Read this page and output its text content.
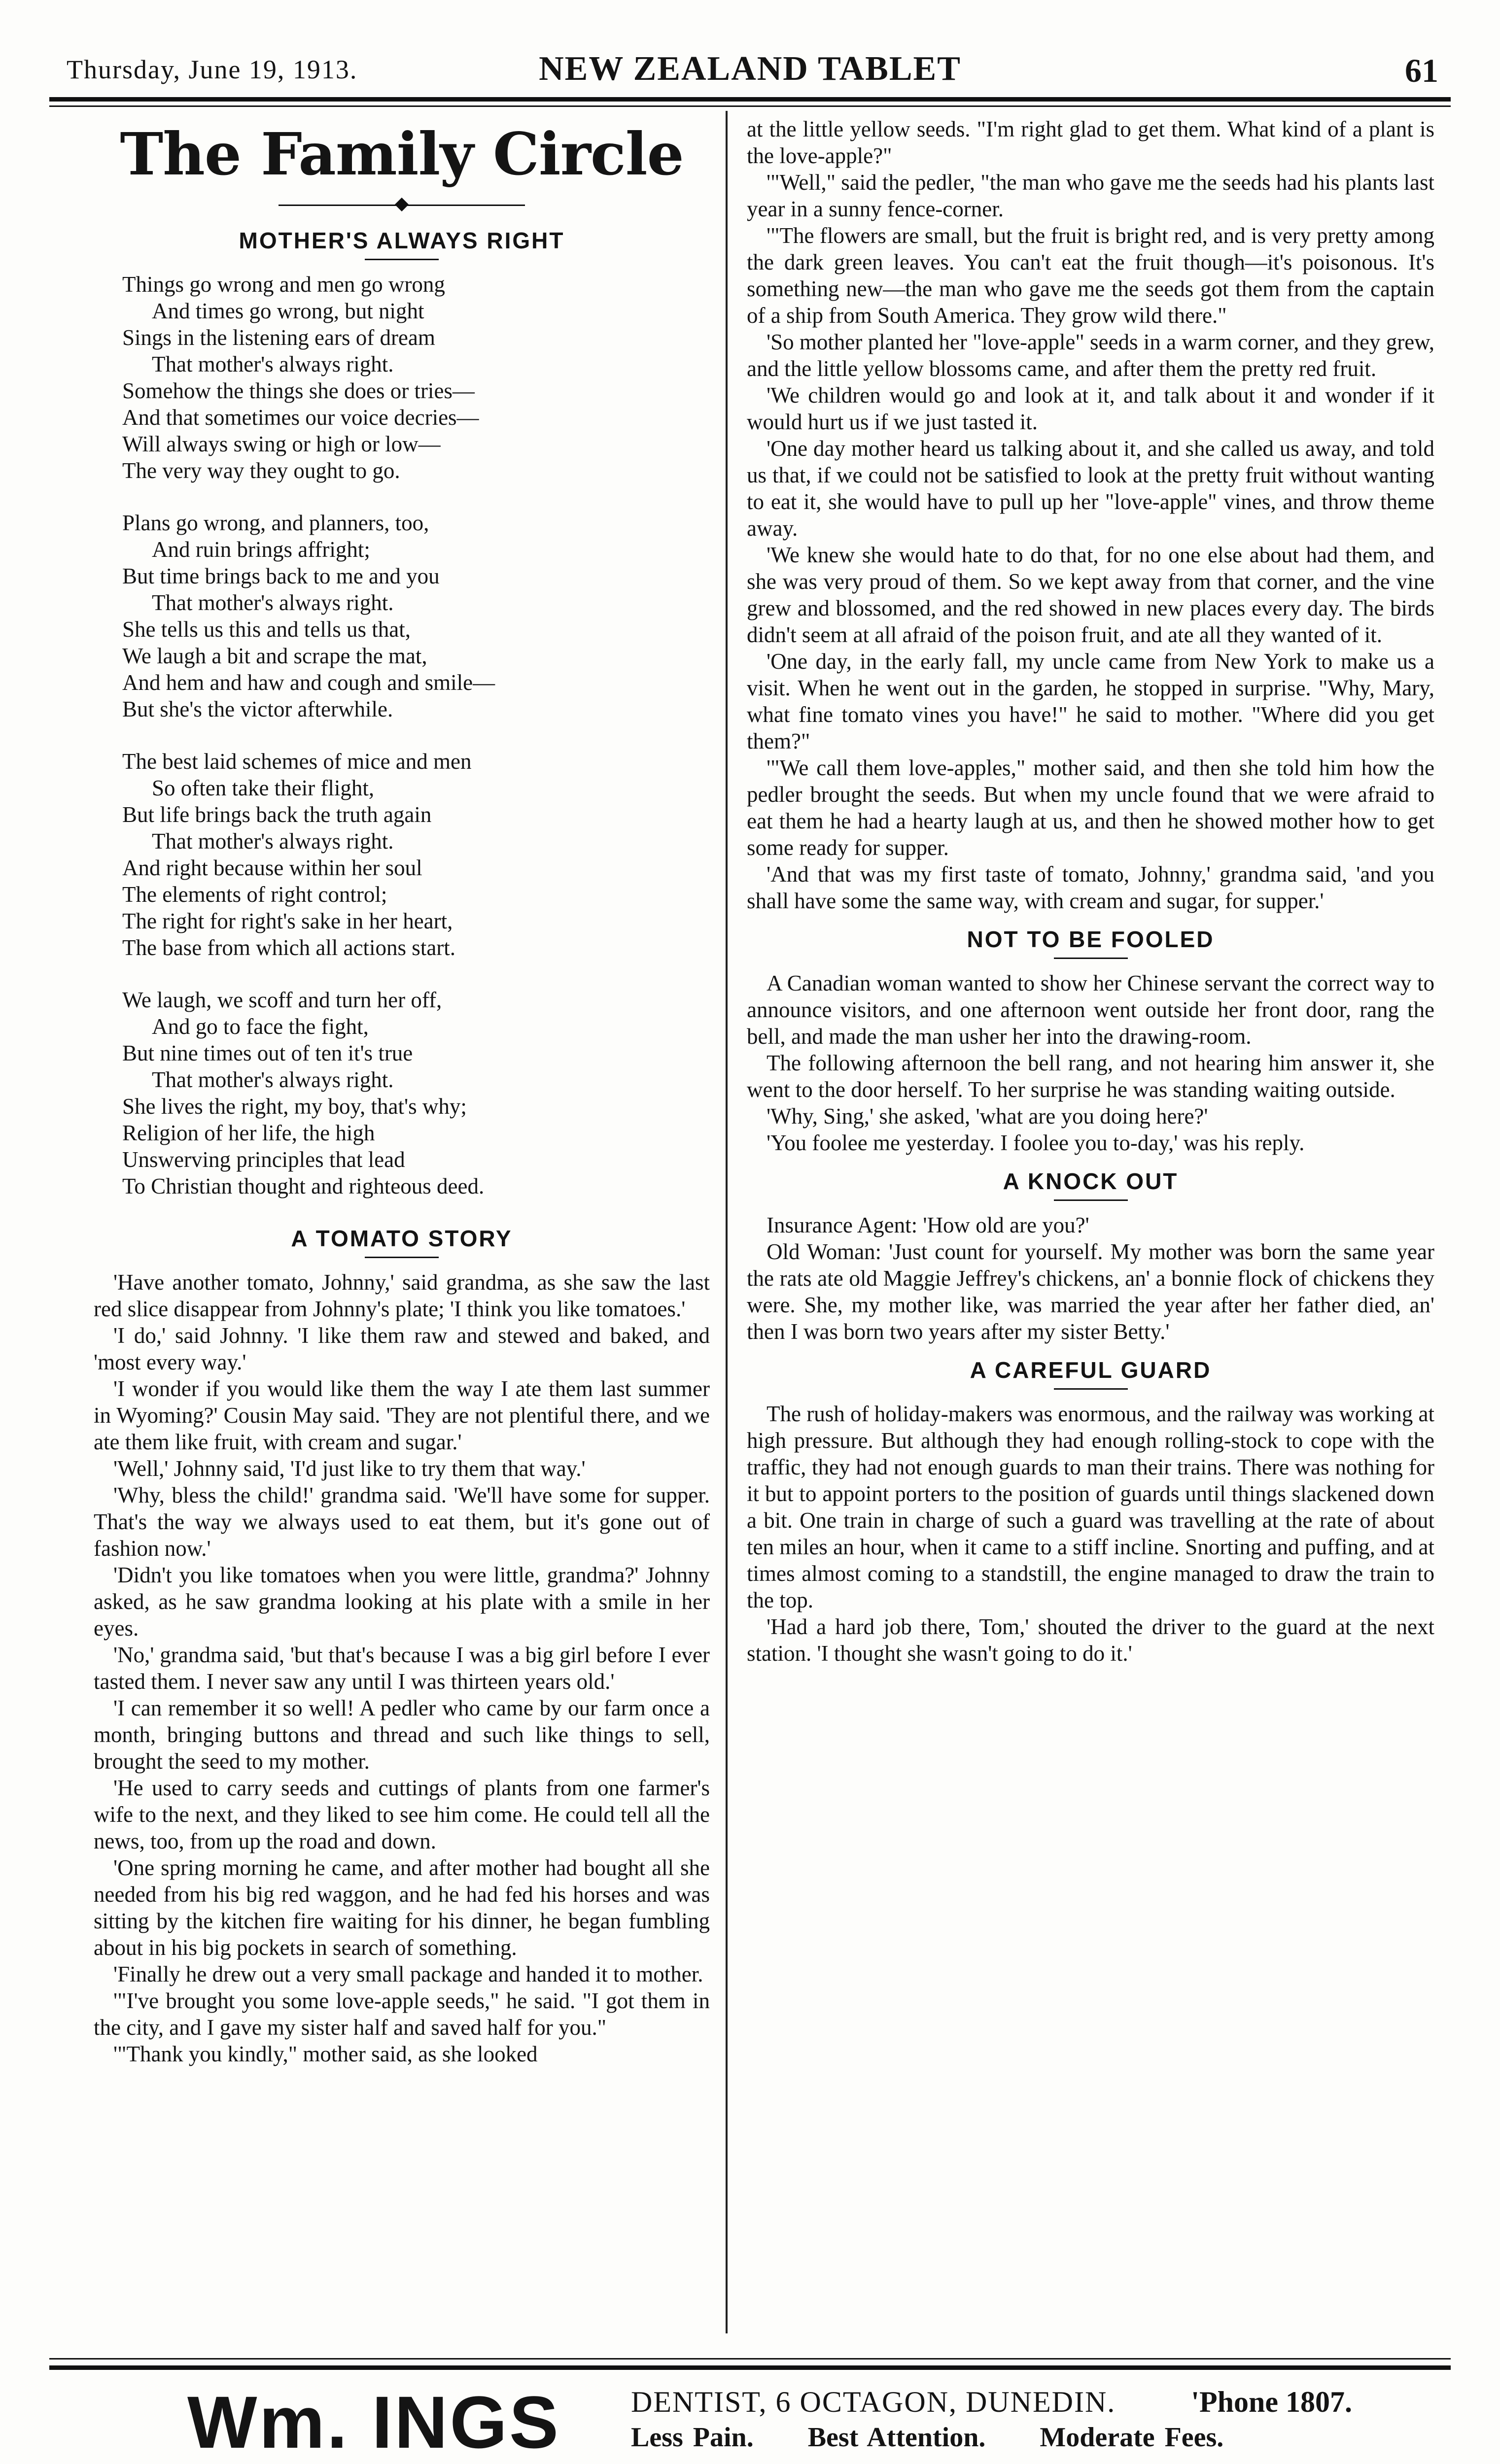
Thursday, June 19, 1913.	NEW ZEALAND TABLET	61
The Family Circle
MOTHER'S ALWAYS RIGHT
Things go wrong and men go wrong
And times go wrong, but night
Sings in the listening ears of dream
That mother's always right.
Somehow the things she does or tries—
And that sometimes our voice decries—
Will always swing or high or low—
The very way they ought to go.
Plans go wrong, and planners, too,
And ruin brings affright;
But time brings back to me and you
That mother's always right.
She tells us this and tells us that,
We laugh a bit and scrape the mat,
And hem and haw and cough and smile—
But she's the victor afterwhile.
The best laid schemes of mice and men
So often take their flight,
But life brings back the truth again
That mother's always right.
And right because within her soul
The elements of right control;
The right for right's sake in her heart,
The base from which all actions start.
We laugh, we scoff and turn her off,
And go to face the fight,
But nine times out of ten it's true
That mother's always right.
She lives the right, my boy, that's why;
Religion of her life, the high
Unswerving principles that lead
To Christian thought and righteous deed.
A TOMATO STORY

'Have another tomato, Johnny,' said grandma, as she saw the last red slice disappear from Johnny's plate; 'I think you like tomatoes.'

'I do,' said Johnny. 'I like them raw and stewed and baked, and 'most every way.'

'I wonder if you would like them the way I ate them last summer in Wyoming?' Cousin May said. 'They are not plentiful there, and we ate them like fruit, with cream and sugar.'

'Well,' Johnny said, 'I'd just like to try them that way.'

'Why, bless the child!' grandma said. 'We'll have some for supper. That's the way we always used to eat them, but it's gone out of fashion now.'

'Didn't you like tomatoes when you were little, grandma?' Johnny asked, as he saw grandma looking at his plate with a smile in her eyes.

'No,' grandma said, 'but that's because I was a big girl before I ever tasted them. I never saw any until I was thirteen years old.'

'I can remember it so well! A pedler who came by our farm once a month, bringing buttons and thread and such like things to sell, brought the seed to my mother.

'He used to carry seeds and cuttings of plants from one farmer's wife to the next, and they liked to see him come. He could tell all the news, too, from up the road and down.

'One spring morning he came, and after mother had bought all she needed from his big red waggon, and he had fed his horses and was sitting by the kitchen fire waiting for his dinner, he began fumbling about in his big pockets in search of something.

'Finally he drew out a very small package and handed it to mother.

'"I've brought you some love-apple seeds," he said. "I got them in the city, and I gave my sister half and saved half for you."

'"Thank you kindly," mother said, as she looked

at the little yellow seeds. "I'm right glad to get them. What kind of a plant is the love-apple?"

'"Well," said the pedler, "the man who gave me the seeds had his plants last year in a sunny fence-corner.

'"The flowers are small, but the fruit is bright red, and is very pretty among the dark green leaves. You can't eat the fruit though—it's poisonous. It's something new—the man who gave me the seeds got them from the captain of a ship from South America. They grow wild there."

'So mother planted her "love-apple" seeds in a warm corner, and they grew, and the little yellow blossoms came, and after them the pretty red fruit.

'We children would go and look at it, and talk about it and wonder if it would hurt us if we just tasted it.

'One day mother heard us talking about it, and she called us away, and told us that, if we could not be satisfied to look at the pretty fruit without wanting to eat it, she would have to pull up her "love-apple" vines, and throw theme away.

'We knew she would hate to do that, for no one else about had them, and she was very proud of them. So we kept away from that corner, and the vine grew and blossomed, and the red showed in new places every day. The birds didn't seem at all afraid of the poison fruit, and ate all they wanted of it.

'One day, in the early fall, my uncle came from New York to make us a visit. When he went out in the garden, he stopped in surprise. "Why, Mary, what fine tomato vines you have!" he said to mother. "Where did you get them?"

'"We call them love-apples," mother said, and then she told him how the pedler brought the seeds. But when my uncle found that we were afraid to eat them he had a hearty laugh at us, and then he showed mother how to get some ready for supper.

'And that was my first taste of tomato, Johnny,' grandma said, 'and you shall have some the same way, with cream and sugar, for supper.'

NOT TO BE FOOLED

A Canadian woman wanted to show her Chinese servant the correct way to announce visitors, and one afternoon went outside her front door, rang the bell, and made the man usher her into the drawing-room.

The following afternoon the bell rang, and not hearing him answer it, she went to the door herself. To her surprise he was standing waiting outside.

'Why, Sing,' she asked, 'what are you doing here?'

'You foolee me yesterday. I foolee you to-day,' was his reply.

A KNOCK OUT

Insurance Agent: 'How old are you?'

Old Woman: 'Just count for yourself. My mother was born the same year the rats ate old Maggie Jeffrey's chickens, an' a bonnie flock of chickens they were. She, my mother like, was married the year after her father died, an' then I was born two years after my sister Betty.'

A CAREFUL GUARD

The rush of holiday-makers was enormous, and the railway was working at high pressure. But although they had enough rolling-stock to cope with the traffic, they had not enough guards to man their trains. There was nothing for it but to appoint porters to the position of guards until things slackened down a bit. One train in charge of such a guard was travelling at the rate of about ten miles an hour, when it came to a stiff incline. Snorting and puffing, and at times almost coming to a standstill, the engine managed to draw the train to the top.

'Had a hard job there, Tom,' shouted the driver to the guard at the next station. 'I thought she wasn't going to do it.'

Wm. INGS DENTIST, 6 OCTAGON, DUNEDIN.	'Phone 1807.
Less Pain. Best Attention. Moderate Fees.
